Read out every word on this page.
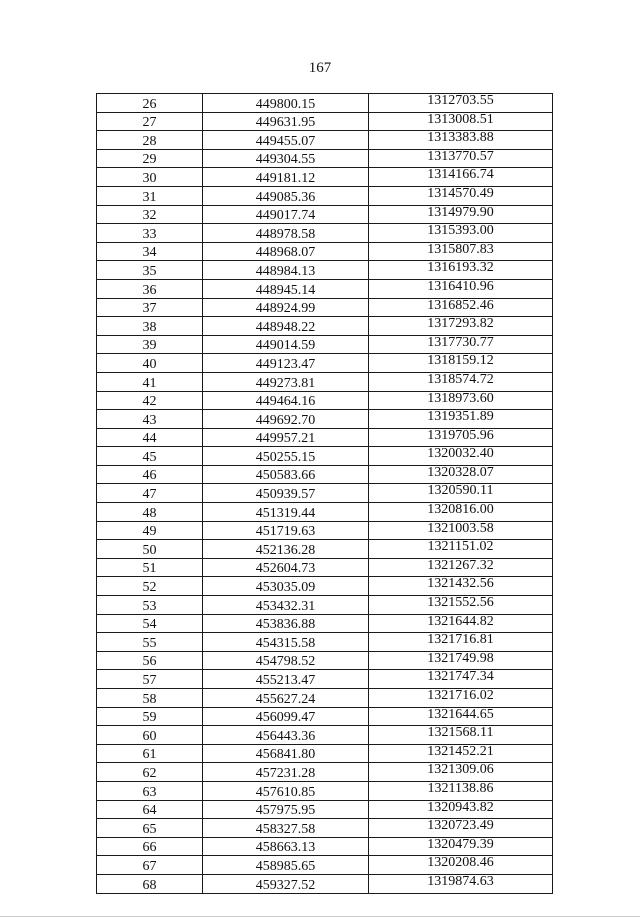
167
26	449800.15	1312703.55
27	449631.95	1313008.51
28	449455.07	1313383.88
29	449304.55	1313770.57
30	449181.12	1314166.74
31	449085.36	1314570.49
32	449017.74	1314979.90
33	448978.58	1315393.00
34	448968.07	1315807.83
35	448984.13	1316193.32
36	448945.14	1316410.96
37	448924.99	1316852.46
38	448948.22	1317293.82
39	449014.59	1317730.77
40	449123.47	1318159.12
41	449273.81	1318574.72
42	449464.16	1318973.60
43	449692.70	1319351.89
44	449957.21	1319705.96
45	450255.15	1320032.40
46	450583.66	1320328.07
47	450939.57	1320590.11
48	451319.44	1320816.00
49	451719.63	1321003.58
50	452136.28	1321151.02
51	452604.73	1321267.32
52	453035.09	1321432.56
53	453432.31	1321552.56
54	453836.88	1321644.82
55	454315.58	1321716.81
56	454798.52	1321749.98
57	455213.47	1321747.34
58	455627.24	1321716.02
59	456099.47	1321644.65
60	456443.36	1321568.11
61	456841.80	1321452.21
62	457231.28	1321309.06
63	457610.85	1321138.86
64	457975.95	1320943.82
65	458327.58	1320723.49
66	458663.13	1320479.39
67	458985.65	1320208.46
68	459327.52	1319874.63
